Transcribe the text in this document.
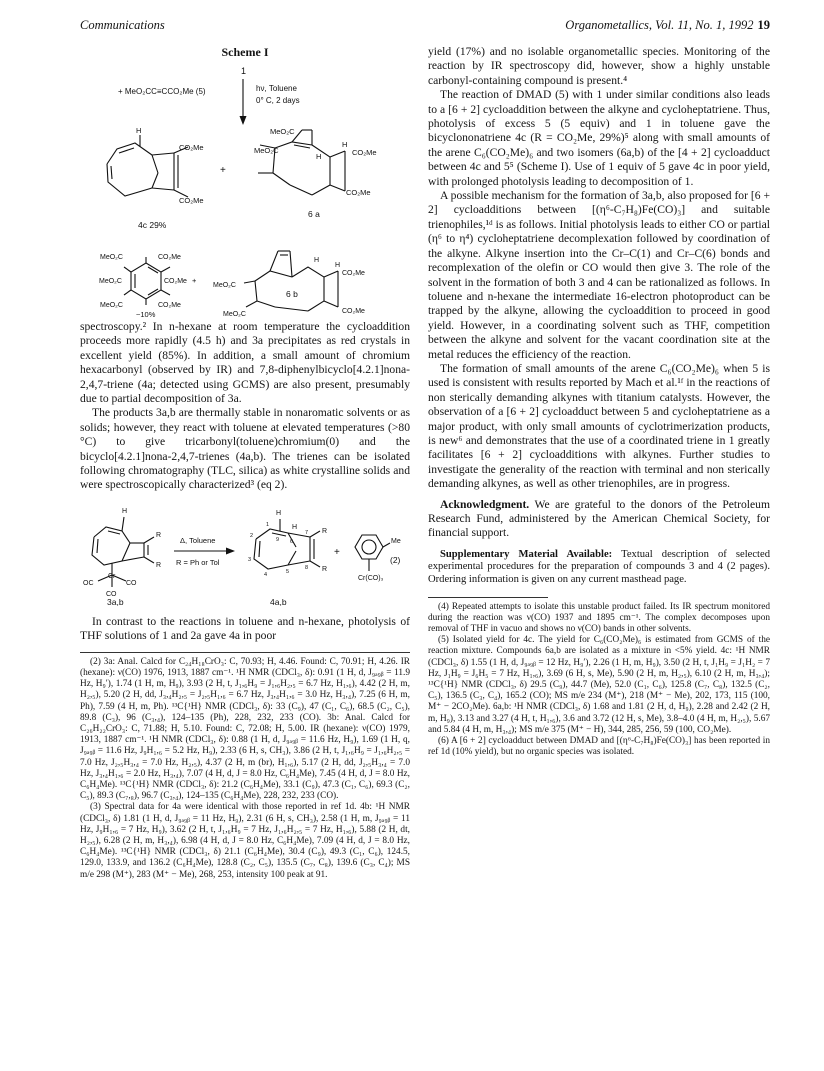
Communications	Organometallics, Vol. 11, No. 1, 1992 19
Scheme I
1
+ MeO₂CC≡CCO₂Me (5)	hν, Toluene
0° C, 2 days
H
CO₂Me
CO₂Me
4c 29%
+
MeO₂C
MeO₂C
H
H
CO₂Me
CO₂Me
6 a
MeO₂C	CO₂Me
MeO₂C	CO₂Me
MeO₂C	CO₂Me
~10%
+
MeO₂C
MeO₂C
H
H
CO₂Me
CO₂Me
6 b

spectroscopy.² In n-hexane at room temperature the cycloaddition proceeds more rapidly (4.5 h) and 3a precipitates as red crystals in excellent yield (85%). In addition, a small amount of chromium hexacarbonyl (observed by IR) and 7,8-diphenylbicyclo[4.2.1]nona-2,4,7-triene (4a; detected using GCMS) are also present, presumably due to partial decomposition of 3a.

The products 3a,b are thermally stable in nonaromatic solvents or as solids; however, they react with toluene at elevated temperatures (>80 °C) to give tricarbonyl(toluene)chromium(0) and the bicyclo[4.2.1]nona-2,4,7-trienes (4a,b). The trienes can be isolated following chromatography (TLC, silica) as white crystalline solids and were spectroscopically characterized³ (eq 2).

H
R
R
Cr
OC	CO
CO
3a,b
Δ, Toluene
R = Ph or Tol
H
H
R
R
4a,b
1
2
3
4	5
6
7
8
9
+
Me
Cr(CO)₃
(2)

In contrast to the reactions in toluene and n-hexane, photolysis of THF solutions of 1 and 2a gave 4a in poor

(2) 3a: Anal. Calcd for C₂₄H₁₈CrO₃: C, 70.93; H, 4.46. Found: C, 70.91; H, 4.26. IR (hexane): ν(CO) 1976, 1913, 1887 cm⁻¹. ¹H NMR (CDCl₃, δ): 0.91 (1 H, d, J₉ₐ₉ᵦ = 11.9 Hz, H₉′), 1.74 (1 H, m, H₉), 3.93 (2 H, t, J₁,₆H₉ = J₁,₆H₂,₅ = 6.7 Hz, H₁,₆), 4.42 (2 H, m, H₂,₅), 5.20 (2 H, dd, J₃,₄H₂,₅ = J₂,₅H₁,₆ = 6.7 Hz, J₃,₄H₁,₆ = 3.0 Hz, H₃,₄), 7.25 (6 H, m, Ph), 7.59 (4 H, m, Ph). ¹³C{¹H} NMR (CDCl₃, δ): 33 (C₉), 47 (C₁, C₆), 68.5 (C₂, C₅), 89.8 (C₃), 96 (C₃,₄), 124–135 (Ph), 228, 232, 233 (CO). 3b: Anal. Calcd for C₂₆H₂₂CrO₃: C, 71.88; H, 5.10. Found: C, 72.08; H, 5.00. IR (hexane): ν(CO) 1979, 1913, 1887 cm⁻¹. ¹H NMR (CDCl₃, δ): 0.88 (1 H, d, J₉ₐ₉ᵦ = 11.6 Hz, H₉), 1.69 (1 H, q, J₉ₐ₉ᵦ = 11.6 Hz, J₉H₁,₆ = 5.2 Hz, H₉), 2.33 (6 H, s, CH₃), 3.86 (2 H, t, J₁,₆H₉ = J₁,₆H₂,₅ = 7.0 Hz, J₂,₅H₃,₄ = 7.0 Hz, H₂,₅), 4.37 (2 H, m (br), H₁,₆), 5.17 (2 H, dd, J₂,₅H₃,₄ = 7.0 Hz, J₃,₄H₁,₆ = 2.0 Hz, H₃,₄), 7.07 (4 H, d, J = 8.0 Hz, C₆H₄Me), 7.45 (4 H, d, J = 8.0 Hz, C₆H₄Me). ¹³C{¹H} NMR (CDCl₃, δ): 21.2 (C₆H₄Me), 33.1 (C₉), 47.3 (C₁, C₆), 69.3 (C₂, C₅), 89.3 (C₇,₈), 96.7 (C₃,₄), 124–135 (C₆H₄Me), 228, 232, 233 (CO).

(3) Spectral data for 4a were identical with those reported in ref 1d. 4b: ¹H NMR (CDCl₃, δ) 1.81 (1 H, d, J₉ₐ₉ᵦ = 11 Hz, H₉), 2.31 (6 H, s, CH₃), 2.58 (1 H, m, J₉ₐ₉ᵦ = 11 Hz, J₉H₁,₆ = 7 Hz, H₉), 3.62 (2 H, t, J₁,₆H₉ = 7 Hz, J₁,₆H₂,₅ = 7 Hz, H₁,₆), 5.88 (2 H, dt, H₂,₅), 6.28 (2 H, m, H₃,₄), 6.98 (4 H, d, J = 8.0 Hz, C₆H₄Me), 7.09 (4 H, d, J = 8.0 Hz, C₆H₄Me). ¹³C{¹H} NMR (CDCl₃, δ) 21.1 (C₆H₄Me), 30.4 (C₉), 49.3 (C₁, C₆), 124.5, 129.0, 133.9, and 136.2 (C₆H₄Me), 128.8 (C₂, C₅), 135.5 (C₇, C₈), 139.6 (C₃, C₄); MS m/e 298 (M⁺), 283 (M⁺ − Me), 268, 253, intensity 100 peak at 91.

yield (17%) and no isolable organometallic species. Monitoring of the reaction by IR spectroscopy did, however, show a highly unstable carbonyl-containing compound is present.⁴

The reaction of DMAD (5) with 1 under similar conditions also leads to a [6 + 2] cycloaddition between the alkyne and cycloheptatriene. Thus, photolysis of excess 5 (5 equiv) and 1 in toluene gave the bicyclononatriene 4c (R = CO₂Me, 29%)⁵ along with small amounts of the arene C₆(CO₂Me)₆ and two isomers (6a,b) of the [4 + 2] cycloadduct between 4c and 5⁵ (Scheme I). Use of 1 equiv of 5 gave 4c in poor yield, with prolonged photolysis leading to decomposition of 1.

A possible mechanism for the formation of 3a,b, also proposed for [6 + 2] cycloadditions between [(η⁶-C₇H₈)Fe(CO)₃] and suitable trienophiles,¹ᵈ is as follows. Initial photolysis leads to either CO or partial (η⁶ to η⁴) cycloheptatriene decomplexation followed by coordination of the alkyne. Alkyne insertion into the Cr–C(1) and Cr–C(6) bonds and recomplexation of the olefin or CO would then give 3. The role of the solvent in the formation of both 3 and 4 can be rationalized as follows. In toluene and n-hexane the intermediate 16-electron photoproduct can be trapped by the alkyne, allowing the cycloaddition to proceed in good yield. However, in a coordinating solvent such as THF, competition between the alkyne and solvent for the vacant coordination site at the metal reduces the efficiency of the reaction.

The formation of small amounts of the arene C₆(CO₂Me)₆ when 5 is used is consistent with results reported by Mach et al.¹ᶠ in the reactions of non sterically demanding alkynes with titanium catalysts. However, the observation of a [6 + 2] cycloadduct between 5 and cycloheptatriene as a major product, with only small amounts of cyclotrimerization products, is new⁶ and demonstrates that the use of a coordinated triene in 1 greatly facilitates [6 + 2] cycloadditions with alkynes. Further studies to investigate the generality of the reaction with terminal and non sterically demanding alkynes, as well as other trienophiles, are in progress.

Acknowledgment. We are grateful to the donors of the Petroleum Research Fund, administered by the American Chemical Society, for financial support.

Supplementary Material Available: Textual description of selected experimental procedures for the preparation of compounds 3 and 4 (2 pages). Ordering information is given on any current masthead page.

(4) Repeated attempts to isolate this unstable product failed. Its IR spectrum monitored during the reaction was ν(CO) 1937 and 1895 cm⁻¹. The complex decomposes upon removal of THF in vacuo and shows no ν(CO) bands in other solvents.

(5) Isolated yield for 4c. The yield for C₆(CO₂Me)₆ is estimated from GCMS of the reaction mixture. Compounds 6a,b are isolated as a mixture in <5% yield. 4c: ¹H NMR (CDCl₃, δ) 1.55 (1 H, d, J₉ₐ₉ᵦ = 12 Hz, H₉′), 2.26 (1 H, m, H₉), 3.50 (2 H, t, J₁H₉ = J₁H₂ = 7 Hz, J₁H₉ = J₆H₅ = 7 Hz, H₁,₆), 3.69 (6 H, s, Me), 5.90 (2 H, m, H₂,₅), 6.10 (2 H, m, H₃,₄); ¹³C{¹H} NMR (CDCl₃, δ) 29.5 (C₉), 44.7 (Me), 52.0 (C₁, C₆), 125.8 (C₇, C₈), 132.5 (C₂, C₅), 136.5 (C₃, C₄), 165.2 (CO); MS m/e 234 (M⁺), 218 (M⁺ − Me), 202, 173, 115 (100, M⁺ − 2CO₂Me). 6a,b: ¹H NMR (CDCl₃, δ) 1.68 and 1.81 (2 H, d, H₉), 2.28 and 2.42 (2 H, m, H₉), 3.13 and 3.27 (4 H, t, H₁,₆), 3.6 and 3.72 (12 H, s, Me), 3.8–4.0 (4 H, m, H₂,₅), 5.67 and 5.84 (4 H, m, H₃,₄); MS m/e 375 (M⁺ − H), 344, 285, 256, 59 (100, CO₂Me).

(6) A [6 + 2] cycloadduct between DMAD and [(η⁶-C₇H₈)Fe(CO)₃] has been reported in ref 1d (10% yield), but no organic species was isolated.
